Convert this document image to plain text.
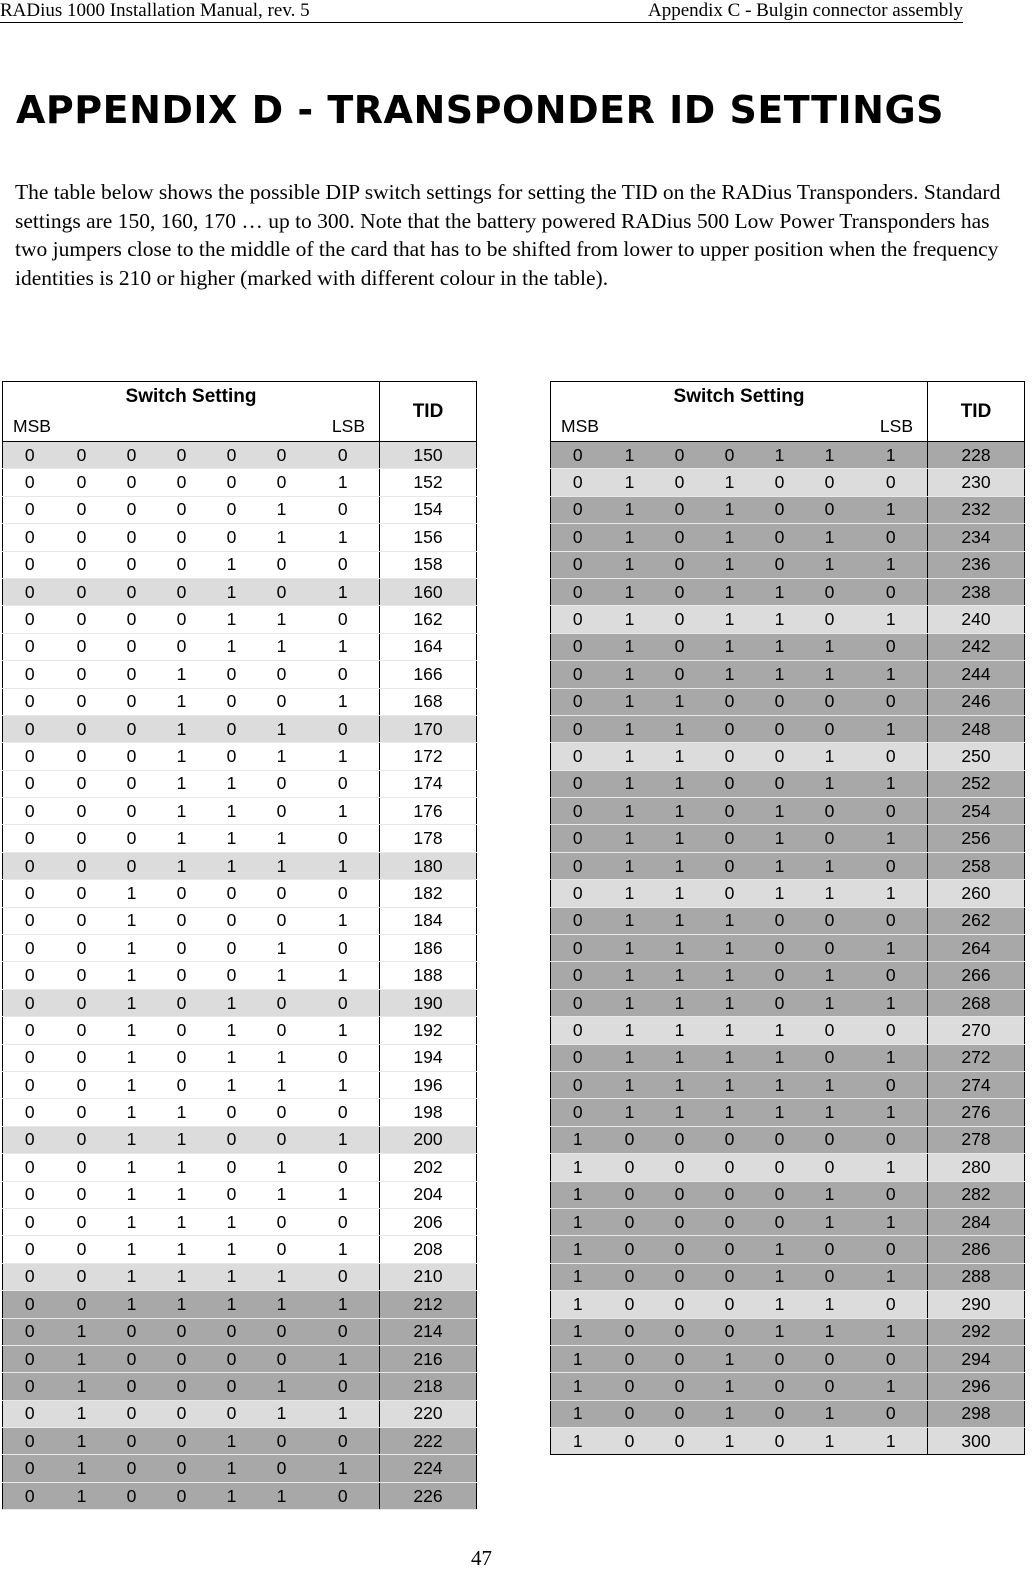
RADius 1000 Installation Manual, rev. 5	Appendix C - Bulgin connector assembly
APPENDIX D - TRANSPONDER ID SETTINGS

The table below shows the possible DIP switch settings for setting the TID on the RADius Transponders. Standard settings are 150, 160, 170 … up to 300. Note that the battery powered RADius 500 Low Power Transponders has two jumpers close to the middle of the card that has to be shifted from lower to upper position when the frequency identities is 210 or higher (marked with different colour in the table).

Switch Setting							TID
MSB			LSB				
0	0	0	0	0	0	0	150
0	0	0	0	0	0	1	152
0	0	0	0	0	1	0	154
0	0	0	0	0	1	1	156
0	0	0	0	1	0	0	158
0	0	0	0	1	0	1	160
0	0	0	0	1	1	0	162
0	0	0	0	1	1	1	164
0	0	0	1	0	0	0	166
0	0	0	1	0	0	1	168
0	0	0	1	0	1	0	170
0	0	0	1	0	1	1	172
0	0	0	1	1	0	0	174
0	0	0	1	1	0	1	176
0	0	0	1	1	1	0	178
0	0	0	1	1	1	1	180
0	0	1	0	0	0	0	182
0	0	1	0	0	0	1	184
0	0	1	0	0	1	0	186
0	0	1	0	0	1	1	188
0	0	1	0	1	0	0	190
0	0	1	0	1	0	1	192
0	0	1	0	1	1	0	194
0	0	1	0	1	1	1	196
0	0	1	1	0	0	0	198
0	0	1	1	0	0	1	200
0	0	1	1	0	1	0	202
0	0	1	1	0	1	1	204
0	0	1	1	1	0	0	206
0	0	1	1	1	0	1	208
0	0	1	1	1	1	0	210
0	0	1	1	1	1	1	212
0	1	0	0	0	0	0	214
0	1	0	0	0	0	1	216
0	1	0	0	0	1	0	218
0	1	0	0	0	1	1	220
0	1	0	0	1	0	0	222
0	1	0	0	1	0	1	224
0	1	0	0	1	1	0	226
Switch Setting							TID
MSB			LSB				
0	1	0	0	1	1	1	228
0	1	0	1	0	0	0	230
0	1	0	1	0	0	1	232
0	1	0	1	0	1	0	234
0	1	0	1	0	1	1	236
0	1	0	1	1	0	0	238
0	1	0	1	1	0	1	240
0	1	0	1	1	1	0	242
0	1	0	1	1	1	1	244
0	1	1	0	0	0	0	246
0	1	1	0	0	0	1	248
0	1	1	0	0	1	0	250
0	1	1	0	0	1	1	252
0	1	1	0	1	0	0	254
0	1	1	0	1	0	1	256
0	1	1	0	1	1	0	258
0	1	1	0	1	1	1	260
0	1	1	1	0	0	0	262
0	1	1	1	0	0	1	264
0	1	1	1	0	1	0	266
0	1	1	1	0	1	1	268
0	1	1	1	1	0	0	270
0	1	1	1	1	0	1	272
0	1	1	1	1	1	0	274
0	1	1	1	1	1	1	276
1	0	0	0	0	0	0	278
1	0	0	0	0	0	1	280
1	0	0	0	0	1	0	282
1	0	0	0	0	1	1	284
1	0	0	0	1	0	0	286
1	0	0	0	1	0	1	288
1	0	0	0	1	1	0	290
1	0	0	0	1	1	1	292
1	0	0	1	0	0	0	294
1	0	0	1	0	0	1	296
1	0	0	1	0	1	0	298
1	0	0	1	0	1	1	300
47
